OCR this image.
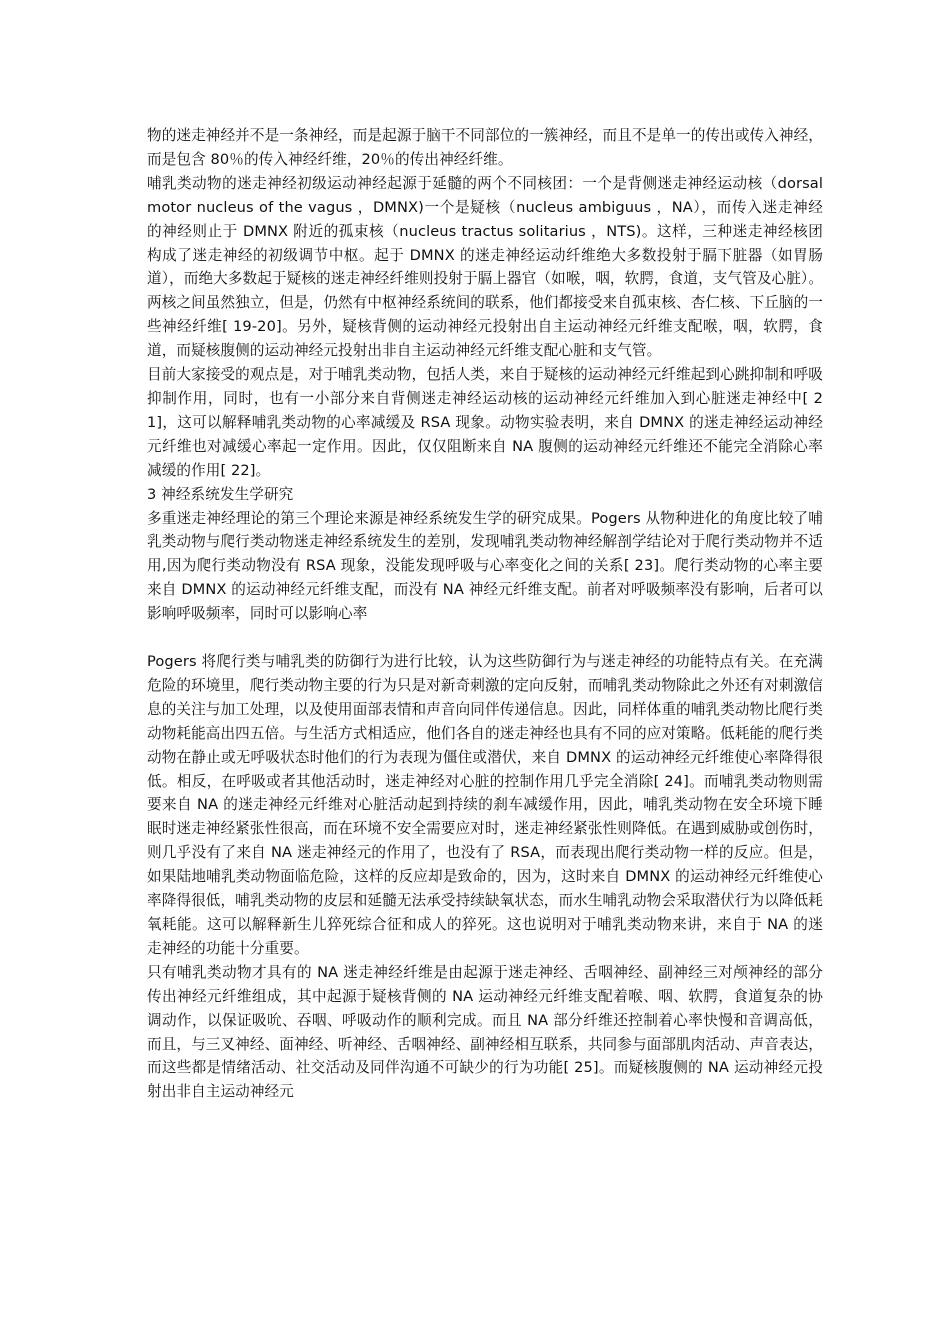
物的迷走神经并不是一条神经，而是起源于脑干不同部位的一簇神经，而且不是单一的传出或传入神经，而是包含 80％的传入神经纤维，20％的传出神经纤维。

哺乳类动物的迷走神经初级运动神经起源于延髓的两个不同核团：一个是背侧迷走神经运动核（dorsal motor nucleus of the vagus ，DMNX)一个是疑核（nucleus ambiguus ，NA），而传入迷走神经的神经则止于 DMNX 附近的孤束核（nucleus tractus solitarius ，NTS)。这样，三种迷走神经核团构成了迷走神经的初级调节中枢。起于 DMNX 的迷走神经运动纤维绝大多数投射于膈下脏器（如胃肠道），而绝大多数起于疑核的迷走神经纤维则投射于膈上器官（如喉，咽，软腭，食道，支气管及心脏）。两核之间虽然独立，但是，仍然有中枢神经系统间的联系，他们都接受来自孤束核、杏仁核、下丘脑的一些神经纤维[ 19-20]。另外，疑核背侧的运动神经元投射出自主运动神经元纤维支配喉，咽，软腭，食道，而疑核腹侧的运动神经元投射出非自主运动神经元纤维支配心脏和支气管。

目前大家接受的观点是，对于哺乳类动物，包括人类，来自于疑核的运动神经元纤维起到心跳抑制和呼吸抑制作用，同时，也有一小部分来自背侧迷走神经运动核的运动神经元纤维加入到心脏迷走神经中[ 21]，这可以解释哺乳类动物的心率减缓及 RSA 现象。动物实验表明，来自 DMNX 的迷走神经运动神经元纤维也对减缓心率起一定作用。因此，仅仅阻断来自 NA 腹侧的运动神经元纤维还不能完全消除心率减缓的作用[ 22]。

3 神经系统发生学研究

多重迷走神经理论的第三个理论来源是神经系统发生学的研究成果。Pogers 从物种进化的角度比较了哺乳类动物与爬行类动物迷走神经系统发生的差别，发现哺乳类动物神经解剖学结论对于爬行类动物并不适用,因为爬行类动物没有 RSA 现象，没能发现呼吸与心率变化之间的关系[ 23]。爬行类动物的心率主要来自 DMNX 的运动神经元纤维支配，而没有 NA 神经元纤维支配。前者对呼吸频率没有影响，后者可以影响呼吸频率，同时可以影响心率

Pogers 将爬行类与哺乳类的防御行为进行比较，认为这些防御行为与迷走神经的功能特点有关。在充满危险的环境里，爬行类动物主要的行为只是对新奇刺激的定向反射，而哺乳类动物除此之外还有对刺激信息的关注与加工处理，以及使用面部表情和声音向同伴传递信息。因此，同样体重的哺乳类动物比爬行类动物耗能高出四五倍。与生活方式相适应，他们各自的迷走神经也具有不同的应对策略。低耗能的爬行类动物在静止或无呼吸状态时他们的行为表现为僵住或潜伏，来自 DMNX 的运动神经元纤维使心率降得很低。相反，在呼吸或者其他活动时，迷走神经对心脏的控制作用几乎完全消除[ 24]。而哺乳类动物则需要来自 NA 的迷走神经元纤维对心脏活动起到持续的刹车减缓作用，因此，哺乳类动物在安全环境下睡眠时迷走神经紧张性很高，而在环境不安全需要应对时，迷走神经紧张性则降低。在遇到威胁或创伤时，则几乎没有了来自 NA 迷走神经元的作用了，也没有了 RSA，而表现出爬行类动物一样的反应。但是，如果陆地哺乳类动物面临危险，这样的反应却是致命的，因为，这时来自 DMNX 的运动神经元纤维使心率降得很低，哺乳类动物的皮层和延髓无法承受持续缺氧状态，而水生哺乳动物会采取潜伏行为以降低耗氧耗能。这可以解释新生儿猝死综合征和成人的猝死。这也说明对于哺乳类动物来讲，来自于 NA 的迷走神经的功能十分重要。

只有哺乳类动物才具有的 NA 迷走神经纤维是由起源于迷走神经、舌咽神经、副神经三对颅神经的部分传出神经元纤维组成，其中起源于疑核背侧的 NA 运动神经元纤维支配着喉、咽、软腭，食道复杂的协调动作，以保证吸吮、吞咽、呼吸动作的顺利完成。而且 NA 部分纤维还控制着心率快慢和音调高低，而且，与三叉神经、面神经、听神经、舌咽神经、副神经相互联系，共同参与面部肌肉活动、声音表达，而这些都是情绪活动、社交活动及同伴沟通不可缺少的行为功能[ 25]。而疑核腹侧的 NA 运动神经元投射出非自主运动神经元
